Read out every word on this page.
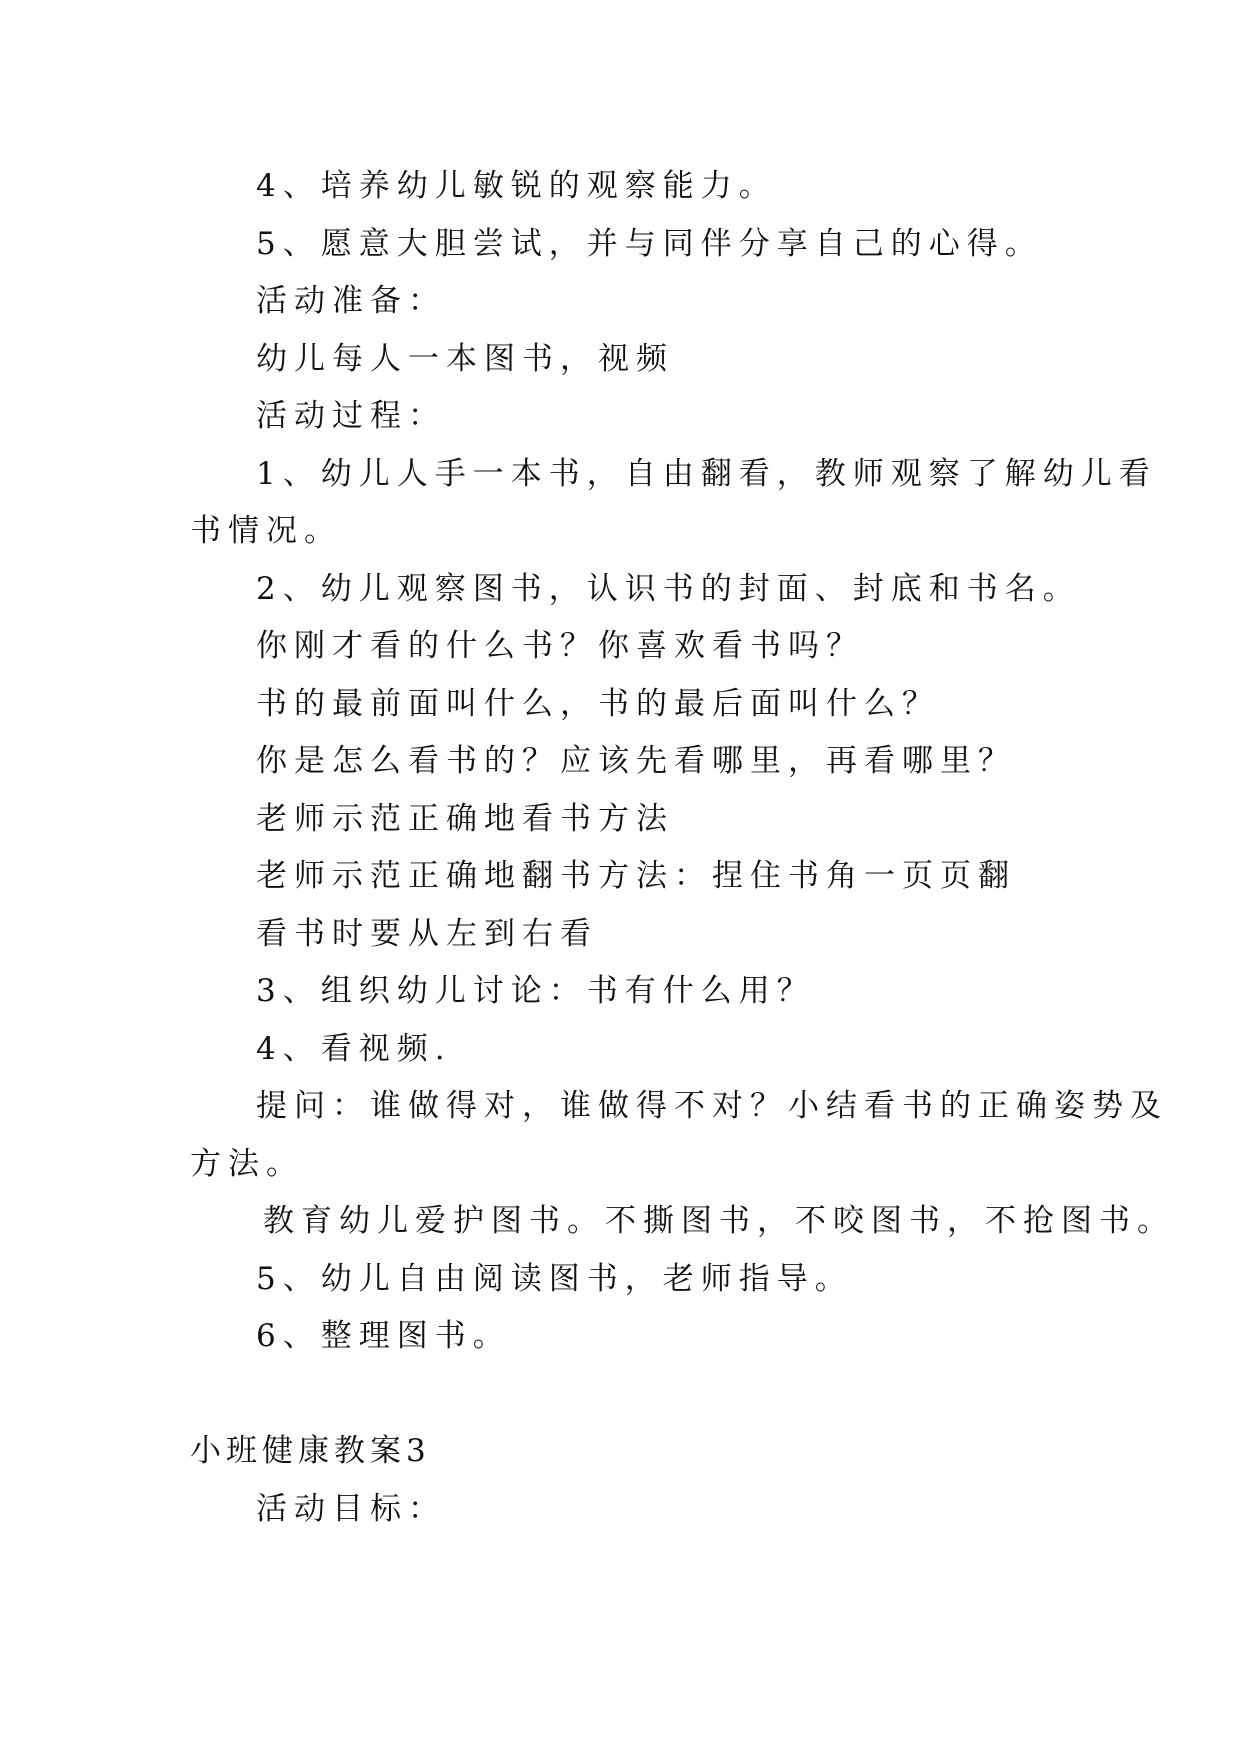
4、培养幼儿敏锐的观察能力。
5、愿意大胆尝试，并与同伴分享自己的心得。
活动准备：
幼儿每人一本图书，视频
活动过程：
1、幼儿人手一本书，自由翻看，教师观察了解幼儿看
书情况。
2、幼儿观察图书，认识书的封面、封底和书名。
你刚才看的什么书？你喜欢看书吗？
书的最前面叫什么，书的最后面叫什么？
你是怎么看书的？应该先看哪里，再看哪里？
老师示范正确地看书方法
老师示范正确地翻书方法：捏住书角一页页翻
看书时要从左到右看
3、组织幼儿讨论：书有什么用？
4、看视频.
提问：谁做得对，谁做得不对？小结看书的正确姿势及
方法。
教育幼儿爱护图书。不撕图书，不咬图书，不抢图书。
5、幼儿自由阅读图书，老师指导。
6、整理图书。
小班健康教案3
活动目标：
